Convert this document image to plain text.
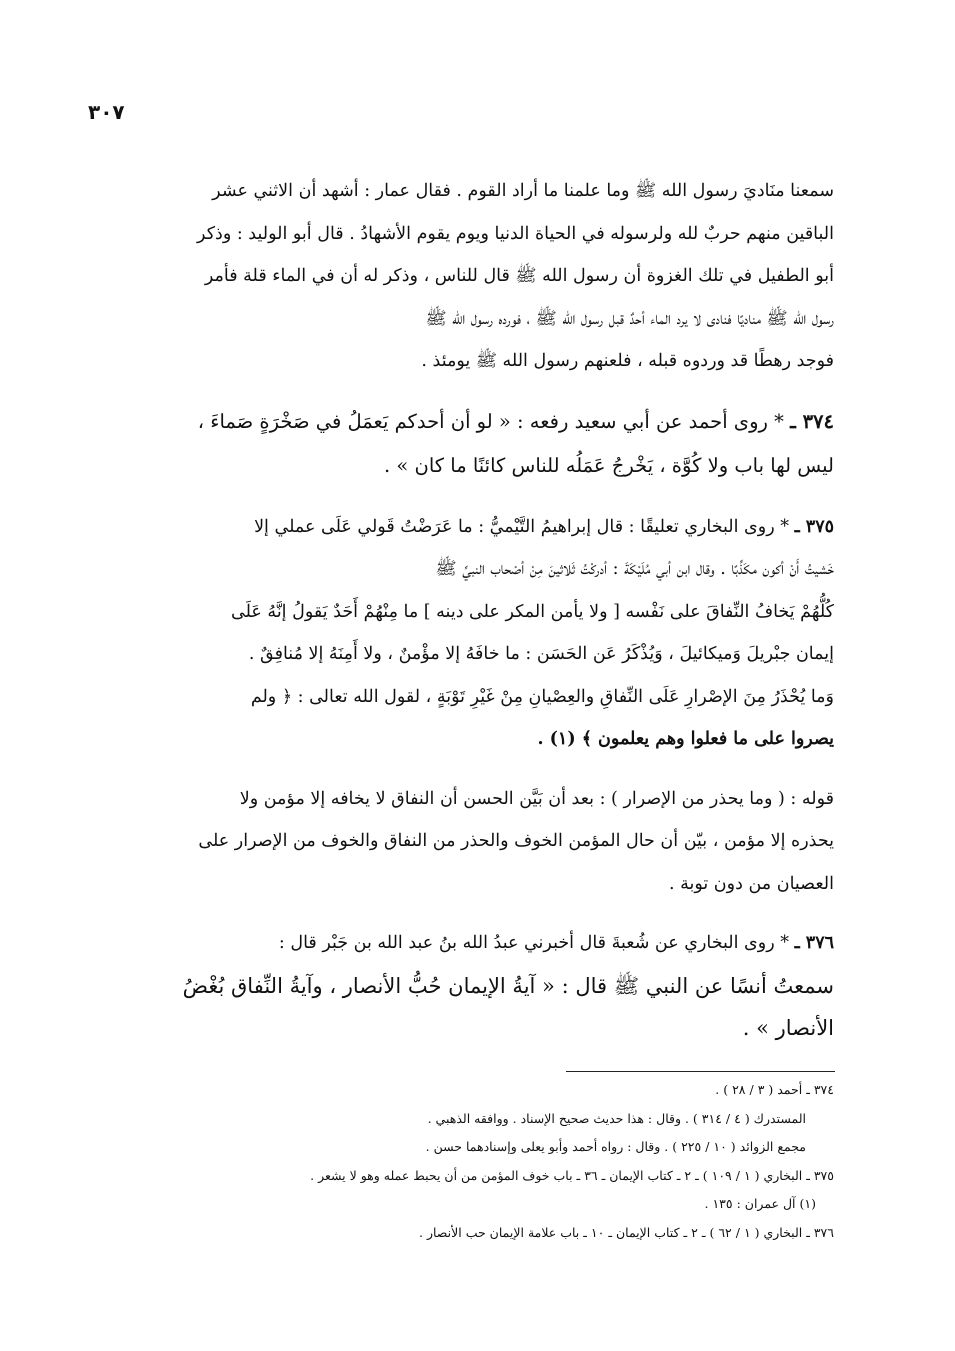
٣٠٧
سمعنا منَاديَ رسول الله ﷺ وما علمنا ما أراد القوم . فقال عمار : أشهد أن الاثني عشر
الباقين منهم حربٌ لله ولرسوله في الحياة الدنيا ويوم يقوم الأشهادُ . قال أبو الوليد : وذكر
أبو الطفيل في تلك الغزوة أن رسول الله ﷺ قال للناس ، وذكر له أن في الماء قلة فأمر
رسول الله ﷺ مناديًا فنادى لا يرد الماء أحدٌ قبل رسول الله ﷺ ، فورده رسول الله ﷺ
فوجد رهطًا قد وردوه قبله ، فلعنهم رسول الله ﷺ يومئذ .
٣٧٤ ـ * روى أحمد عن أبي سعيد رفعه : « لو أن أحدكم يَعمَلُ في صَخْرَةٍ صَماءَ ،
ليس لها باب ولا كُوَّة ، يَخْرجُ عَمَلُه للناس كائنًا ما كان » .
٣٧٥ ـ * روى البخاري تعليقًا : قال إبراهيمُ التَّيْميُّ : ما عَرَضْتُ قَولي عَلَى عملي إلا
خَشيتُ أَنْ أكون مكَذِّبًا . وقال ابن أبي مُلَيْكَةَ : أدركْتُ ثَلاثينَ مِنْ أصْحاب النبيِّ ﷺ
كُلُّهُمْ يَخافُ النِّفاقَ على نَفْسه [ ولا يأمن المكر على دينه ] ما مِنْهُمْ أَحَدٌ يَقولُ إنَّهُ عَلَى
إيمان جبْريلَ وَميكائيلَ ، وَيُذْكَرُ عَن الحَسَن : ما خافَهُ إلا مؤْمنٌ ، ولا أَمِنَهُ إلا مُنافِقٌ .
وَما يُحْذَرُ مِنَ الإصْرارِ عَلَى النِّفاقِ والعِصْيانِ مِنْ غَيْرِ تَوْبَةٍ ، لقول الله تعالى : ﴿ ولم
يصروا على ما فعلوا وهم يعلمون ﴾ (١) .
قوله : ( وما يحذر من الإصرار ) : بعد أن بَيَّن الحسن أن النفاق لا يخافه إلا مؤمن ولا
يحذره إلا مؤمن ، بيّن أن حال المؤمن الخوف والحذر من النفاق والخوف من الإصرار على
العصيان من دون توبة .
٣٧٦ ـ * روى البخاري عن شُعبةَ قال أخبرني عبدُ الله بنُ عبد الله بن جَبْر قال :
سمعتُ أنسًا عن النبي ﷺ قال : « آيةُ الإيمان حُبُّ الأنصار ، وآيةُ النِّفاق بُغْضُ
الأنصار » .
٣٧٤ ـ أحمد ( ٣ / ٢٨ ) .
المستدرك ( ٤ / ٣١٤ ) . وقال : هذا حديث صحيح الإسناد . ووافقه الذهبي .
مجمع الزوائد ( ١٠ / ٢٢٥ ) . وقال : رواه أحمد وأبو يعلى وإسنادهما حسن .
٣٧٥ ـ البخاري ( ١ / ١٠٩ ) ـ ٢ ـ كتاب الإيمان ـ ٣٦ ـ باب خوف المؤمن من أن يحبط عمله وهو لا يشعر .
(١) آل عمران : ١٣٥ .
٣٧٦ ـ البخاري ( ١ / ٦٢ ) ـ ٢ ـ كتاب الإيمان ـ ١٠ ـ باب علامة الإيمان حب الأنصار .
